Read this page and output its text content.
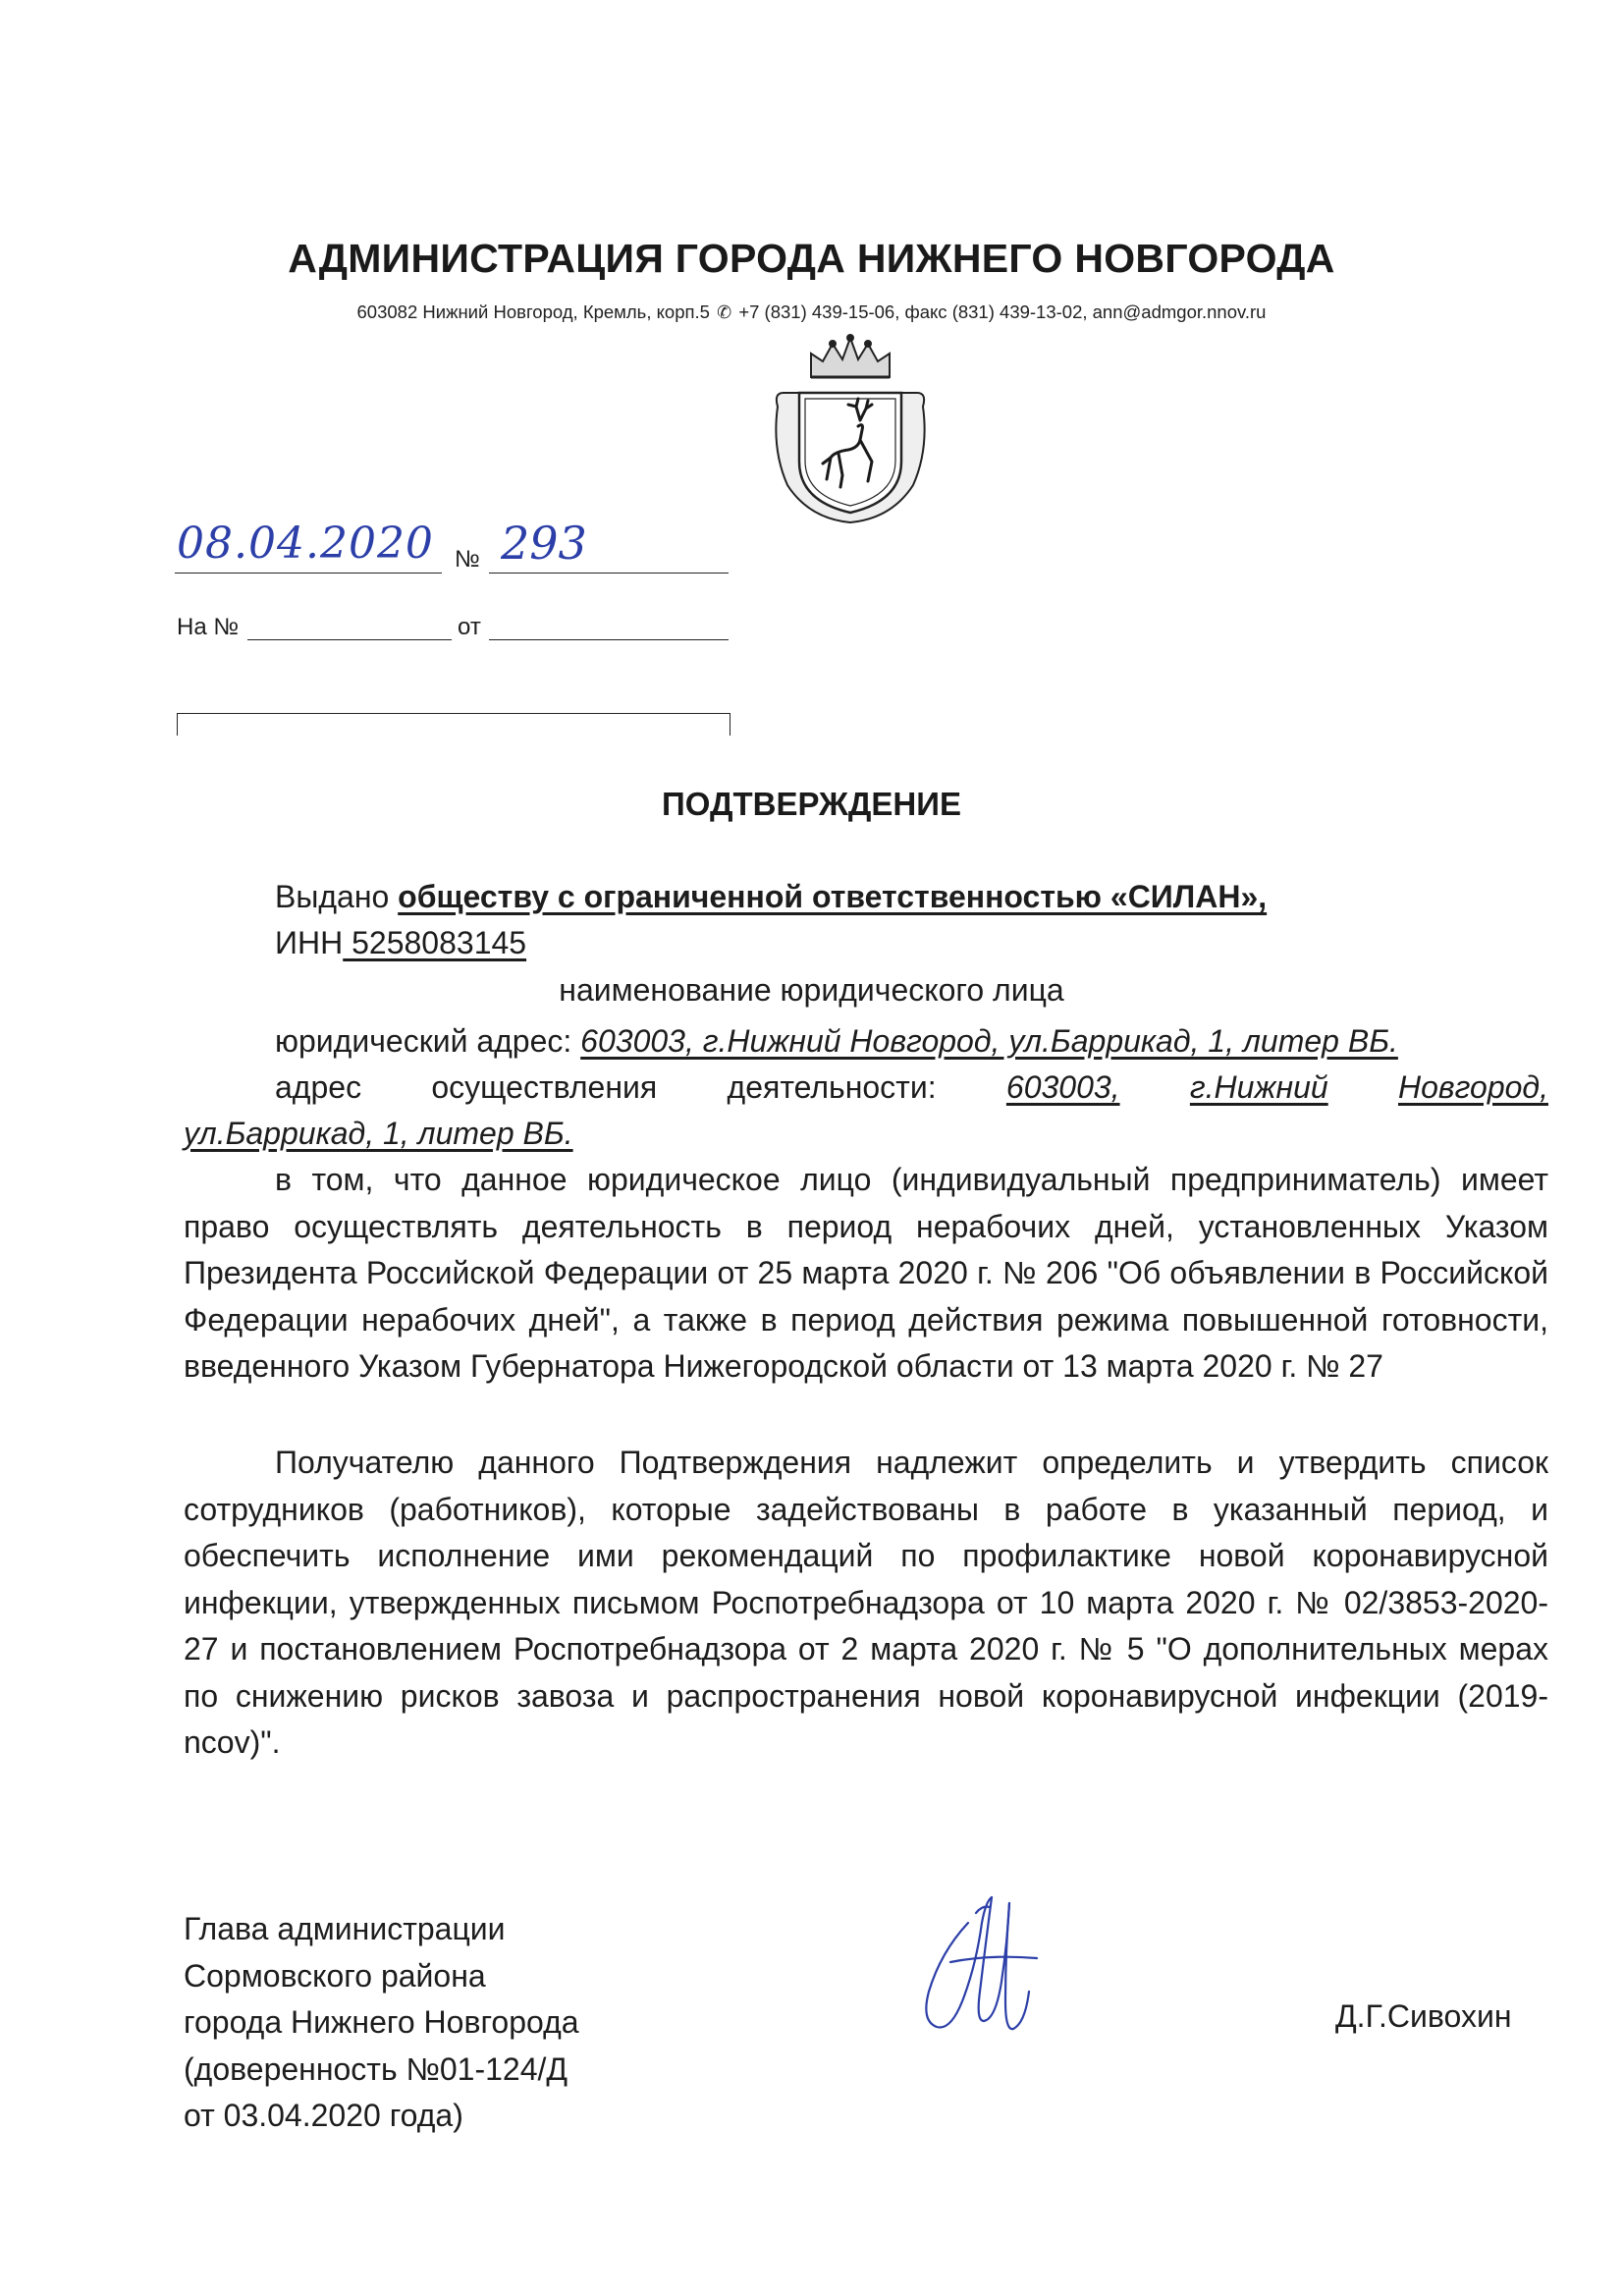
АДМИНИСТРАЦИЯ ГОРОДА НИЖНЕГО НОВГОРОДА
603082 Нижний Новгород, Кремль, корп.5 ✆ +7 (831) 439-15-06, факс (831) 439-13-02, ann@admgor.nnov.ru
08.04.2020 № 293
На №	от
ПОДТВЕРЖДЕНИЕ
Выдано обществу с ограниченной ответственностью «СИЛАН»,
ИНН 5258083145
наименование юридического лица
юридический адрес: 603003, г.Нижний Новгород, ул.Баррикад, 1, литер ВБ.
адрес осуществления деятельности: 603003, г.Нижний Новгород,
ул.Баррикад, 1, литер ВБ.

в том, что данное юридическое лицо (индивидуальный предприниматель) имеет право осуществлять деятельность в период нерабочих дней, установленных Указом Президента Российской Федерации от 25 марта 2020 г. № 206 "Об объявлении в Российской Федерации нерабочих дней", а также в период действия режима повышенной готовности, введенного Указом Губернатора Нижегородской области от 13 марта 2020 г. № 27

Получателю данного Подтверждения надлежит определить и утвердить список сотрудников (работников), которые задействованы в работе в указанный период, и обеспечить исполнение ими рекомендаций по профилактике новой коронавирусной инфекции, утвержденных письмом Роспотребнадзора от 10 марта 2020 г. № 02/3853-2020-27 и постановлением Роспотребнадзора от 2 марта 2020 г. № 5 "О дополнительных мерах по снижению рисков завоза и распространения новой коронавирусной инфекции (2019-ncov)".

Глава администрации
Сормовского района
города Нижнего Новгорода
(доверенность №01-124/Д
от 03.04.2020 года)
Д.Г.Сивохин
